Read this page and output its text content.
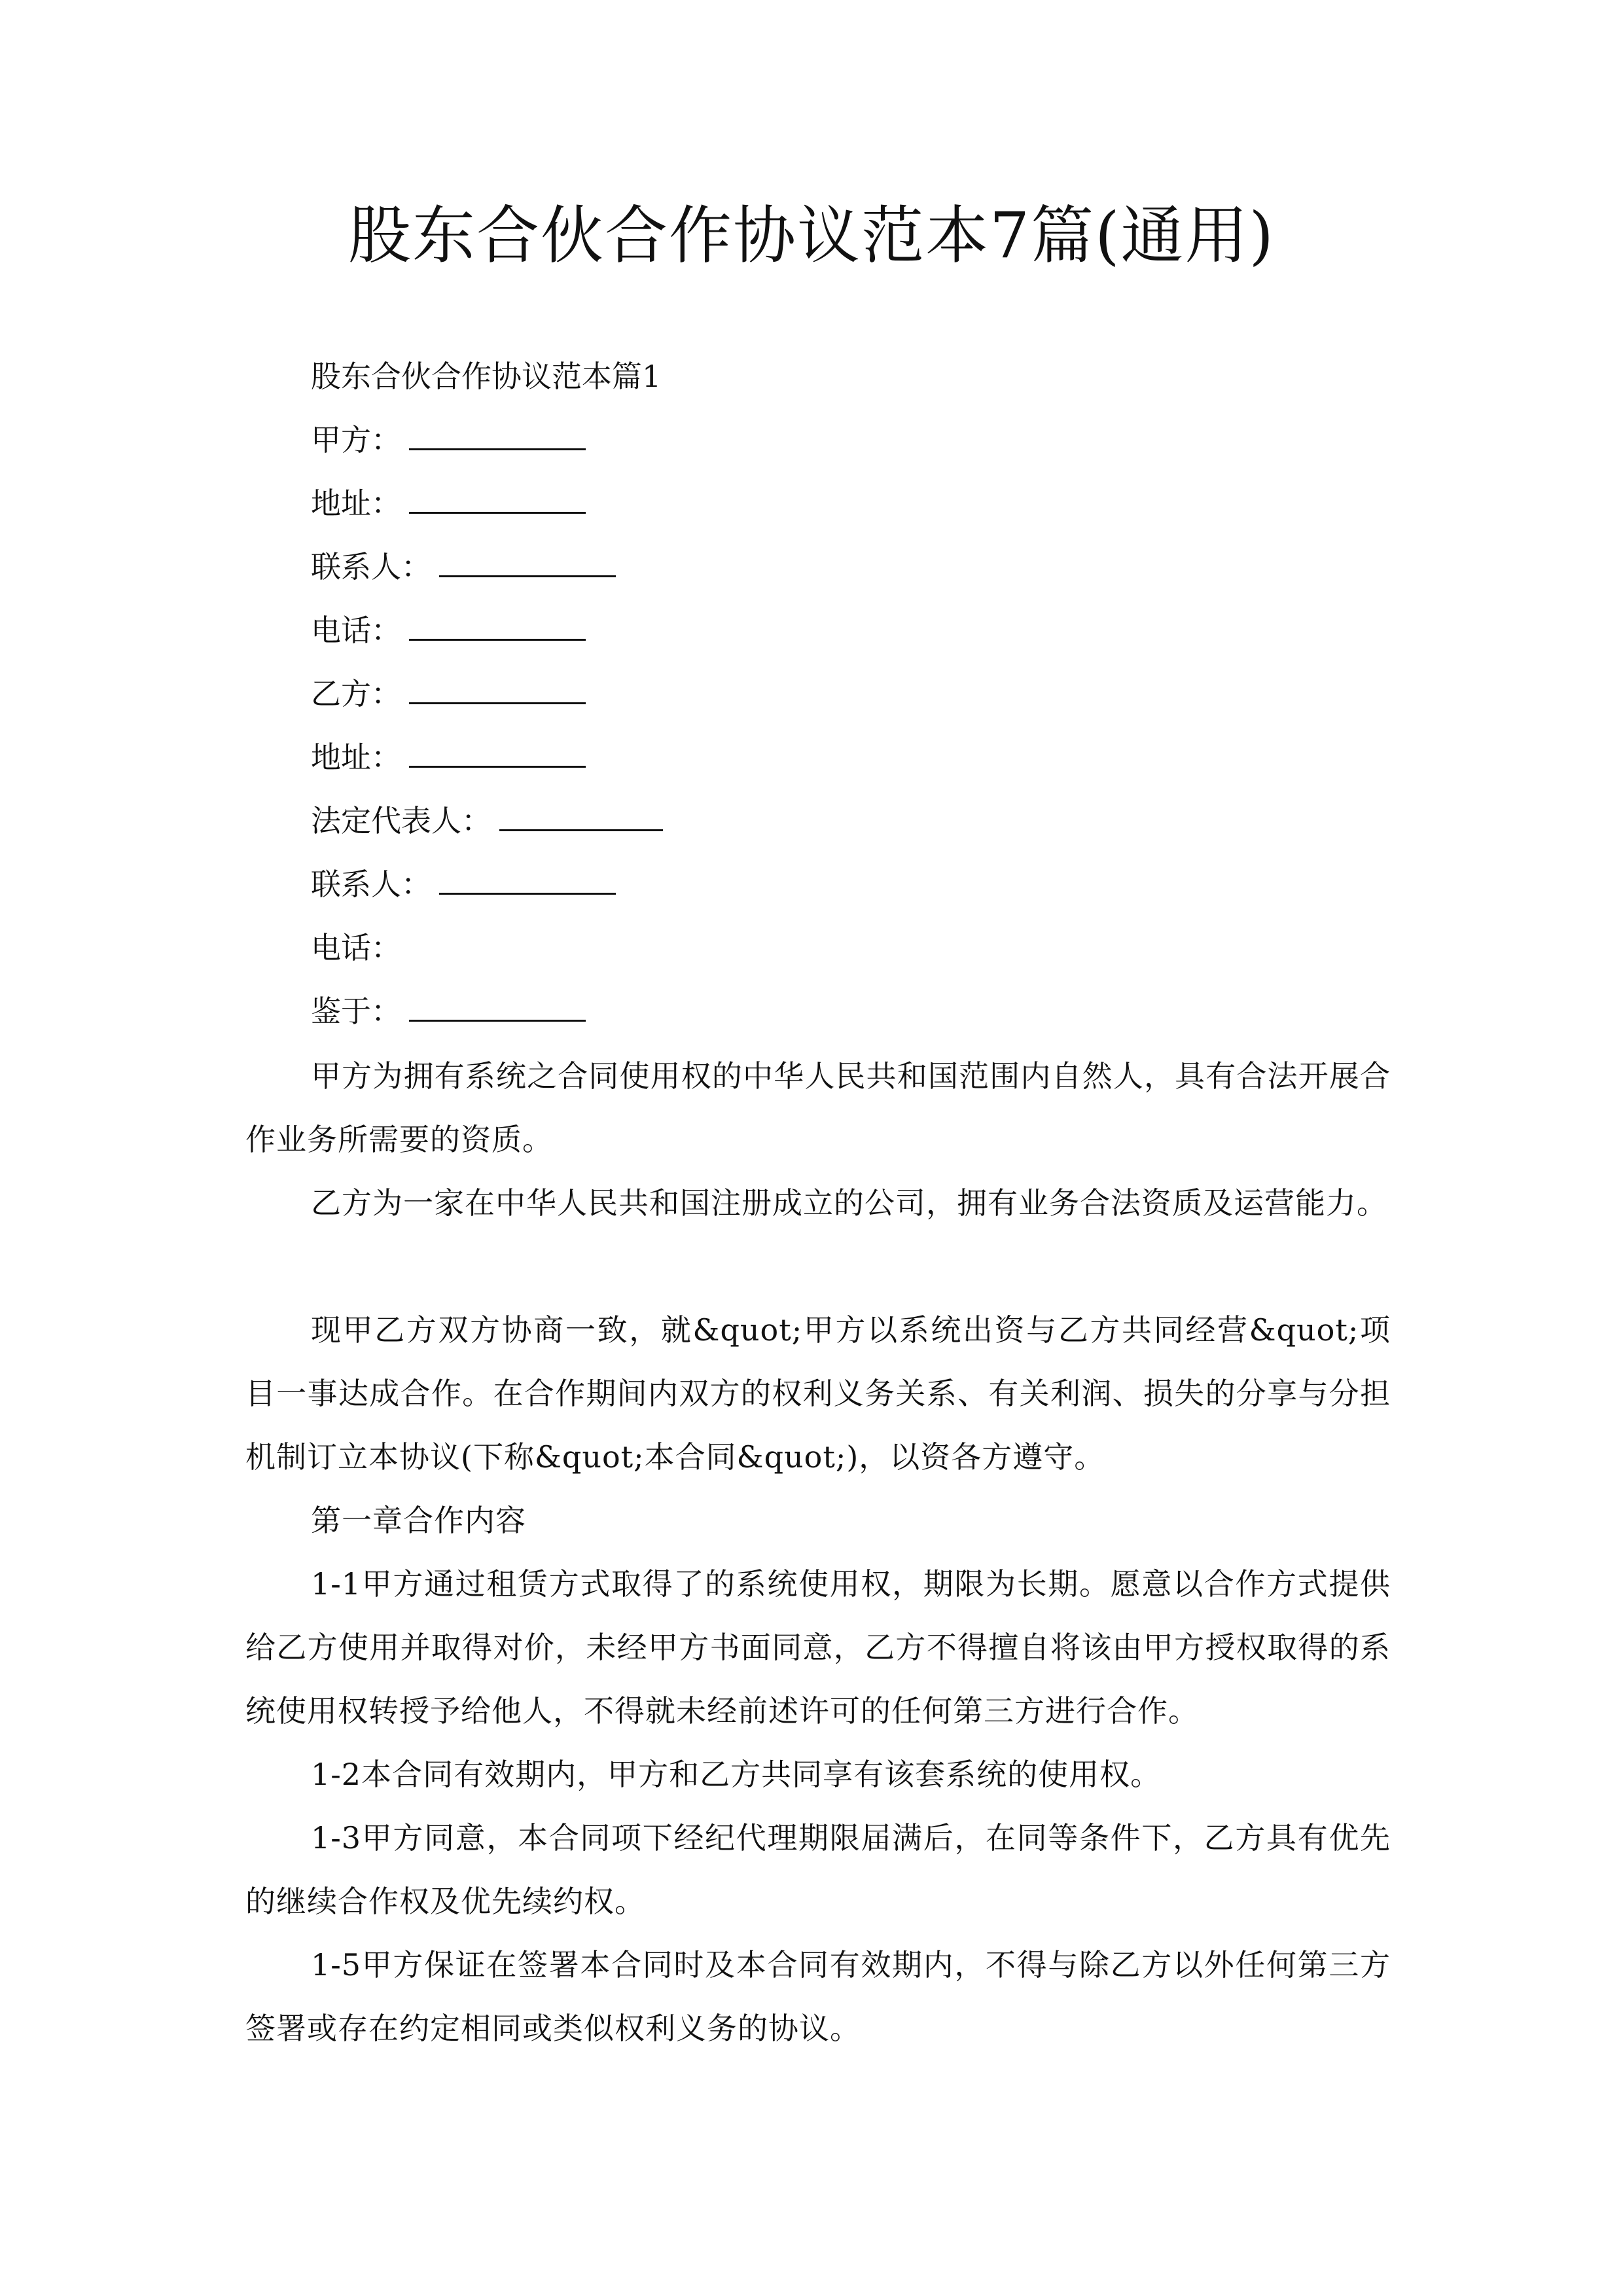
股东合伙合作协议范本7篇(通用)
股东合伙合作协议范本篇1
甲方：
地址：
联系人：
电话：
乙方：
地址：
法定代表人：
联系人：
电话：
鉴于：
甲方为拥有系统之合同使用权的中华人民共和国范围内自然人，具有合法开展合作业务所需要的资质。
乙方为一家在中华人民共和国注册成立的公司，拥有业务合法资质及运营能力。
现甲乙方双方协商一致，就&quot;甲方以系统出资与乙方共同经营&quot;项目一事达成合作。在合作期间内双方的权利义务关系、有关利润、损失的分享与分担机制订立本协议(下称&quot;本合同&quot;)，以资各方遵守。
第一章合作内容
1-1甲方通过租赁方式取得了的系统使用权，期限为长期。愿意以合作方式提供给乙方使用并取得对价，未经甲方书面同意，乙方不得擅自将该由甲方授权取得的系统使用权转授予给他人，不得就未经前述许可的任何第三方进行合作。
1-2本合同有效期内，甲方和乙方共同享有该套系统的使用权。
1-3甲方同意，本合同项下经纪代理期限届满后，在同等条件下，乙方具有优先的继续合作权及优先续约权。
1-5甲方保证在签署本合同时及本合同有效期内，不得与除乙方以外任何第三方签署或存在约定相同或类似权利义务的协议。
